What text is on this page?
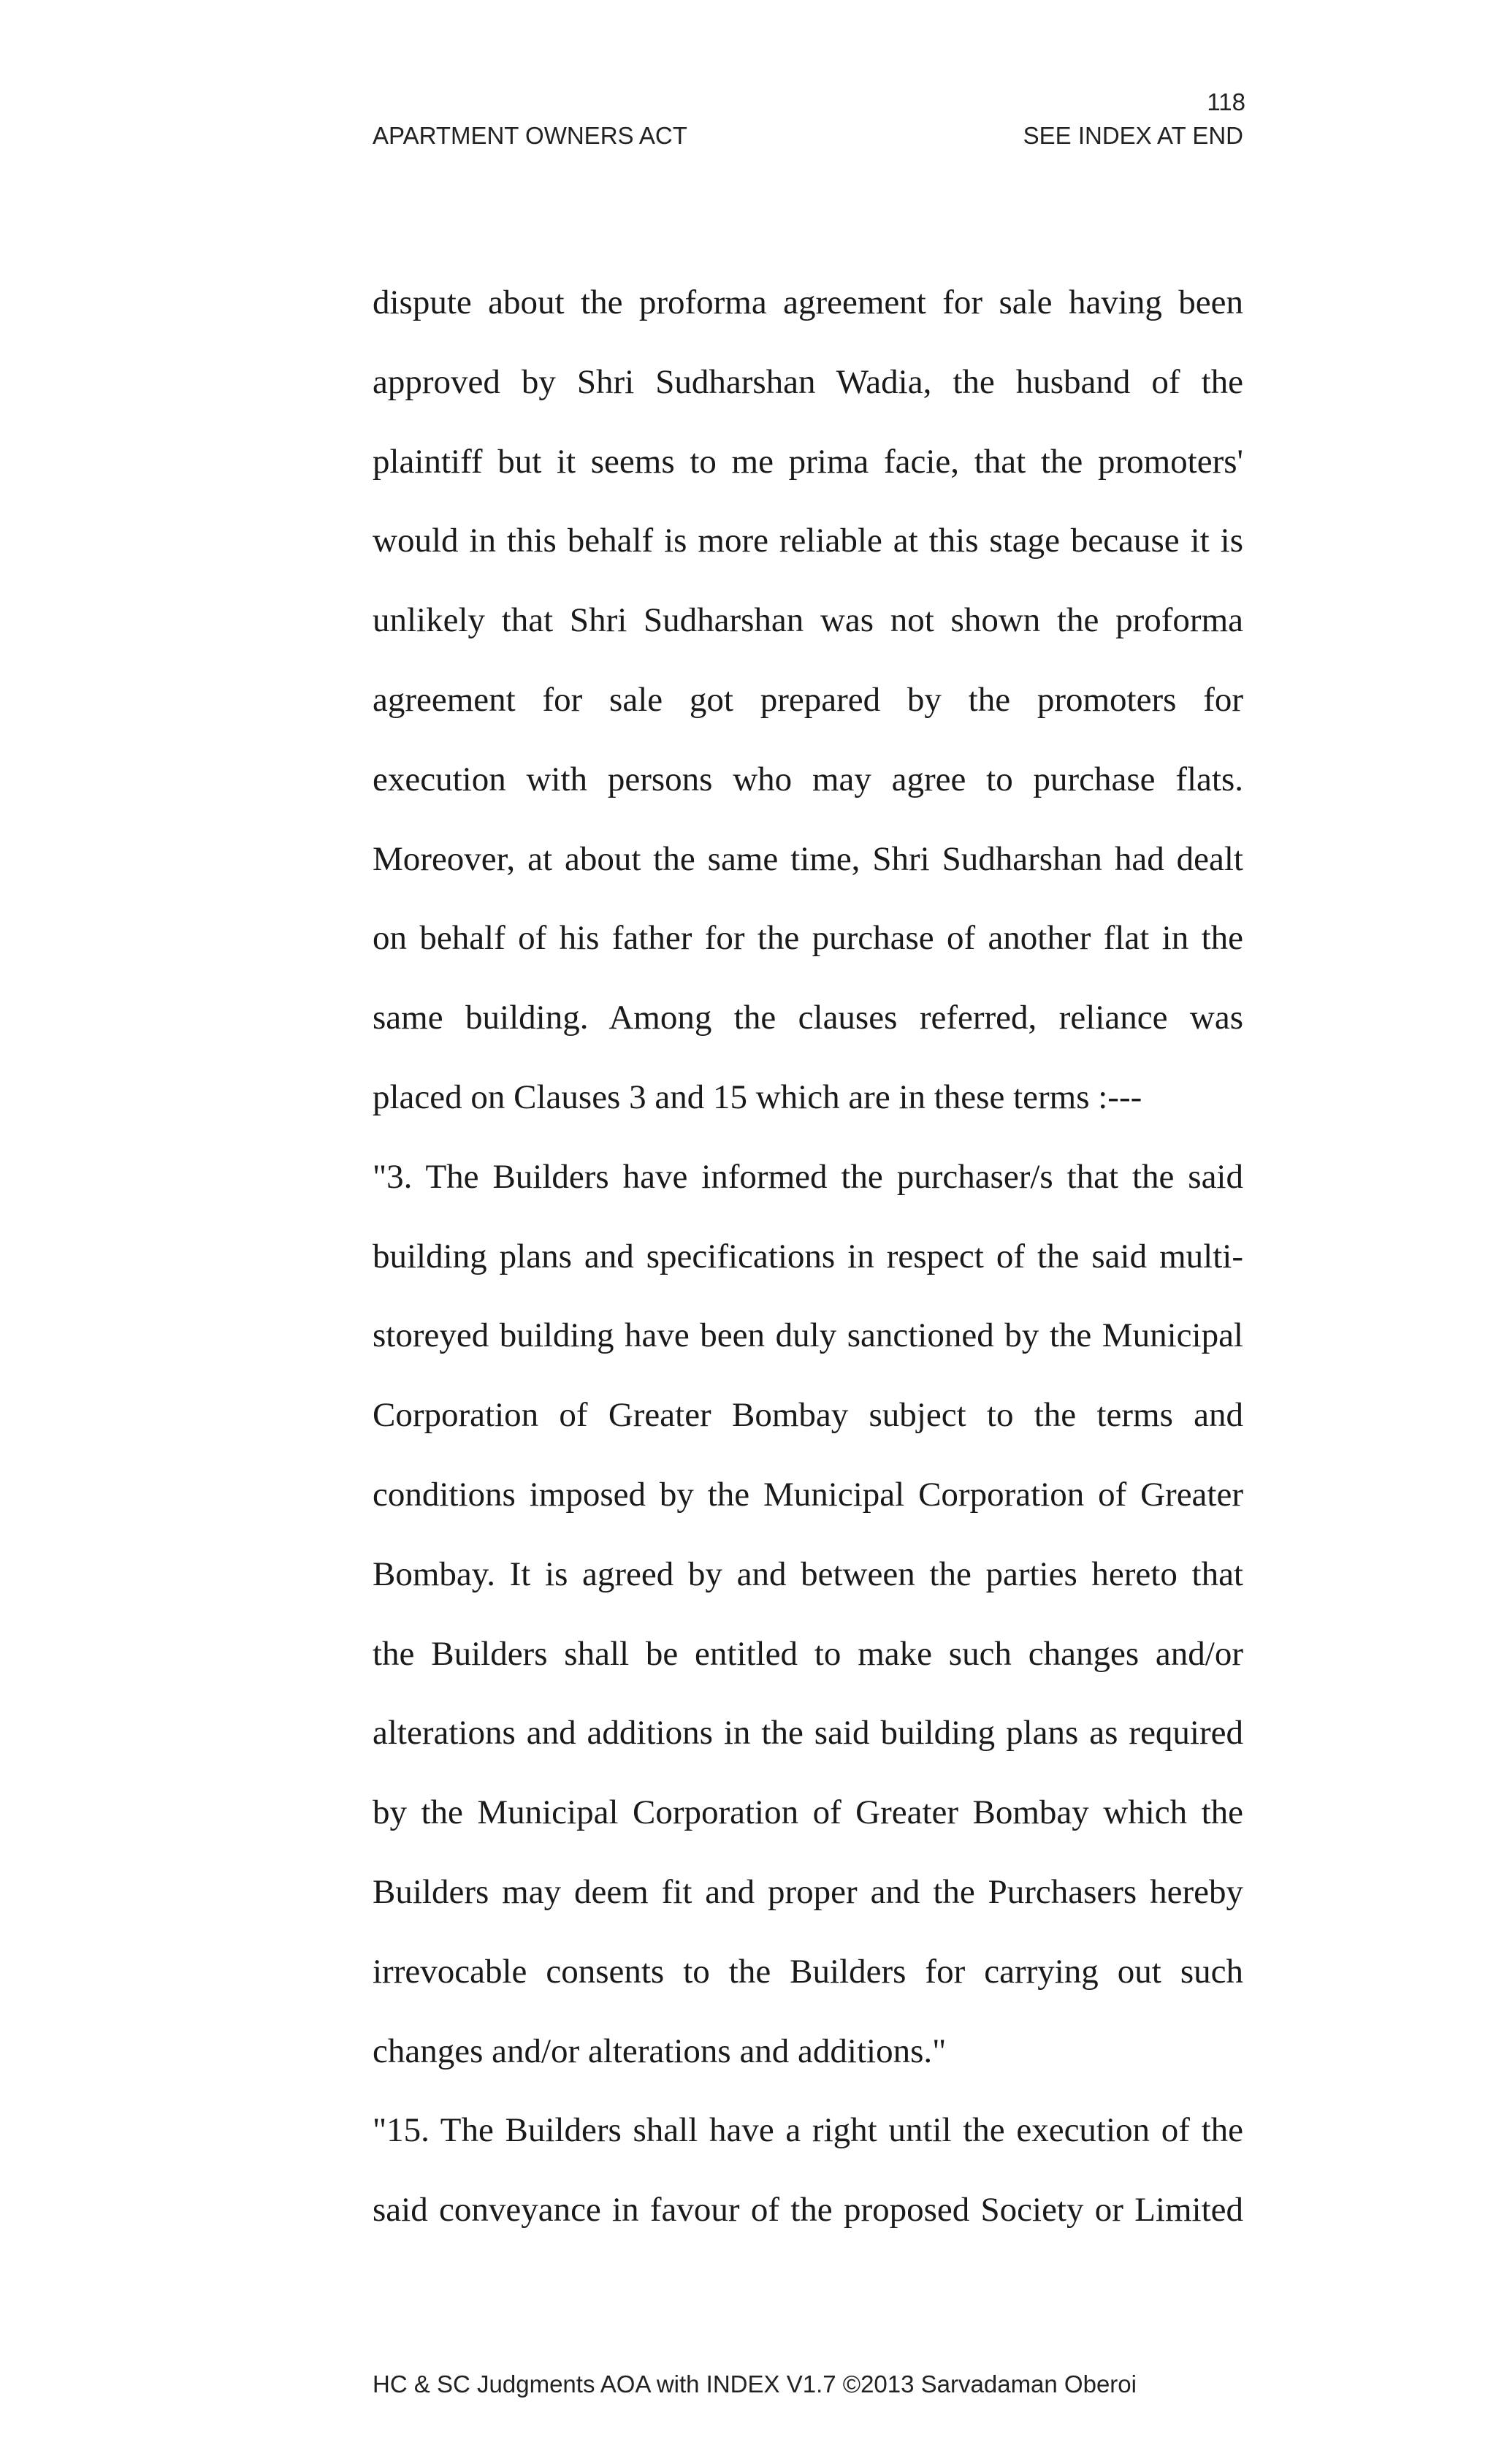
118
APARTMENT OWNERS ACT	SEE INDEX AT END
dispute about the proforma agreement for sale having been
approved by Shri Sudharshan Wadia, the husband of the
plaintiff but it seems to me prima facie, that the promoters'
would in this behalf is more reliable at this stage because it is
unlikely that Shri Sudharshan was not shown the proforma
agreement for sale got prepared by the promoters for
execution with persons who may agree to purchase flats.
Moreover, at about the same time, Shri Sudharshan had dealt
on behalf of his father for the purchase of another flat in the
same building. Among the clauses referred, reliance was
placed on Clauses 3 and 15 which are in these terms :---
"3. The Builders have informed the purchaser/s that the said
building plans and specifications in respect of the said multi-
storeyed building have been duly sanctioned by the Municipal
Corporation of Greater Bombay subject to the terms and
conditions imposed by the Municipal Corporation of Greater
Bombay. It is agreed by and between the parties hereto that
the Builders shall be entitled to make such changes and/or
alterations and additions in the said building plans as required
by the Municipal Corporation of Greater Bombay which the
Builders may deem fit and proper and the Purchasers hereby
irrevocable consents to the Builders for carrying out such
changes and/or alterations and additions."
"15. The Builders shall have a right until the execution of the
said conveyance in favour of the proposed Society or Limited
HC & SC Judgments AOA with INDEX V1.7 ©2013 Sarvadaman Oberoi
